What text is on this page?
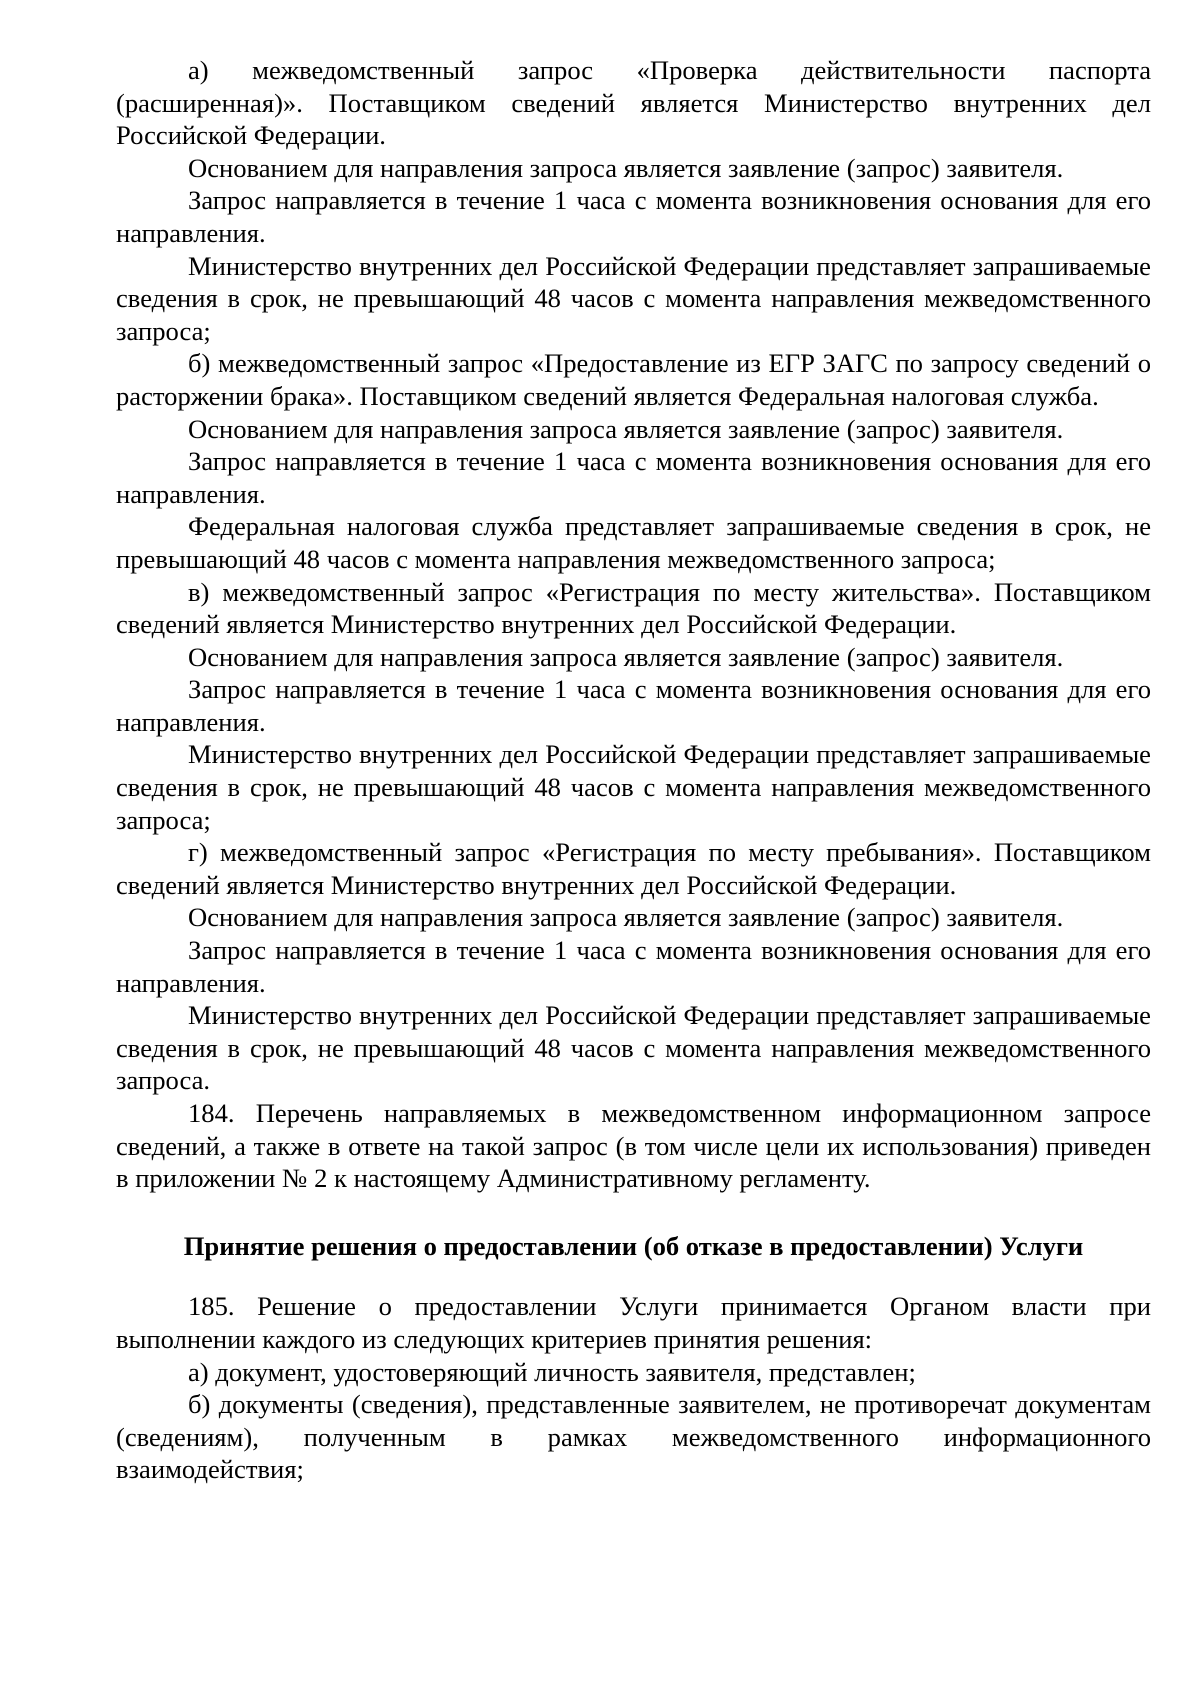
а) межведомственный запрос «Проверка действительности паспорта (расширенная)». Поставщиком сведений является Министерство внутренних дел Российской Федерации.

Основанием для направления запроса является заявление (запрос) заявителя.

Запрос направляется в течение 1 часа с момента возникновения основания для его направления.

Министерство внутренних дел Российской Федерации представляет запрашиваемые сведения в срок, не превышающий 48 часов с момента направления межведомственного запроса;

б) межведомственный запрос «Предоставление из ЕГР ЗАГС по запросу сведений о расторжении брака». Поставщиком сведений является Федеральная налоговая служба.

Основанием для направления запроса является заявление (запрос) заявителя.

Запрос направляется в течение 1 часа с момента возникновения основания для его направления.

Федеральная налоговая служба представляет запрашиваемые сведения в срок, не превышающий 48 часов с момента направления межведомственного запроса;

в) межведомственный запрос «Регистрация по месту жительства». Поставщиком сведений является Министерство внутренних дел Российской Федерации.

Основанием для направления запроса является заявление (запрос) заявителя.

Запрос направляется в течение 1 часа с момента возникновения основания для его направления.

Министерство внутренних дел Российской Федерации представляет запрашиваемые сведения в срок, не превышающий 48 часов с момента направления межведомственного запроса;

г) межведомственный запрос «Регистрация по месту пребывания». Поставщиком сведений является Министерство внутренних дел Российской Федерации.

Основанием для направления запроса является заявление (запрос) заявителя.

Запрос направляется в течение 1 часа с момента возникновения основания для его направления.

Министерство внутренних дел Российской Федерации представляет запрашиваемые сведения в срок, не превышающий 48 часов с момента направления межведомственного запроса.

184. Перечень направляемых в межведомственном информационном запросе сведений, а также в ответе на такой запрос (в том числе цели их использования) приведен в приложении № 2 к настоящему Административному регламенту.

Принятие решения о предоставлении (об отказе в предоставлении) Услуги

185. Решение о предоставлении Услуги принимается Органом власти при выполнении каждого из следующих критериев принятия решения:

а) документ, удостоверяющий личность заявителя, представлен;

б) документы (сведения), представленные заявителем, не противоречат документам (сведениям), полученным в рамках межведомственного информационного взаимодействия;
